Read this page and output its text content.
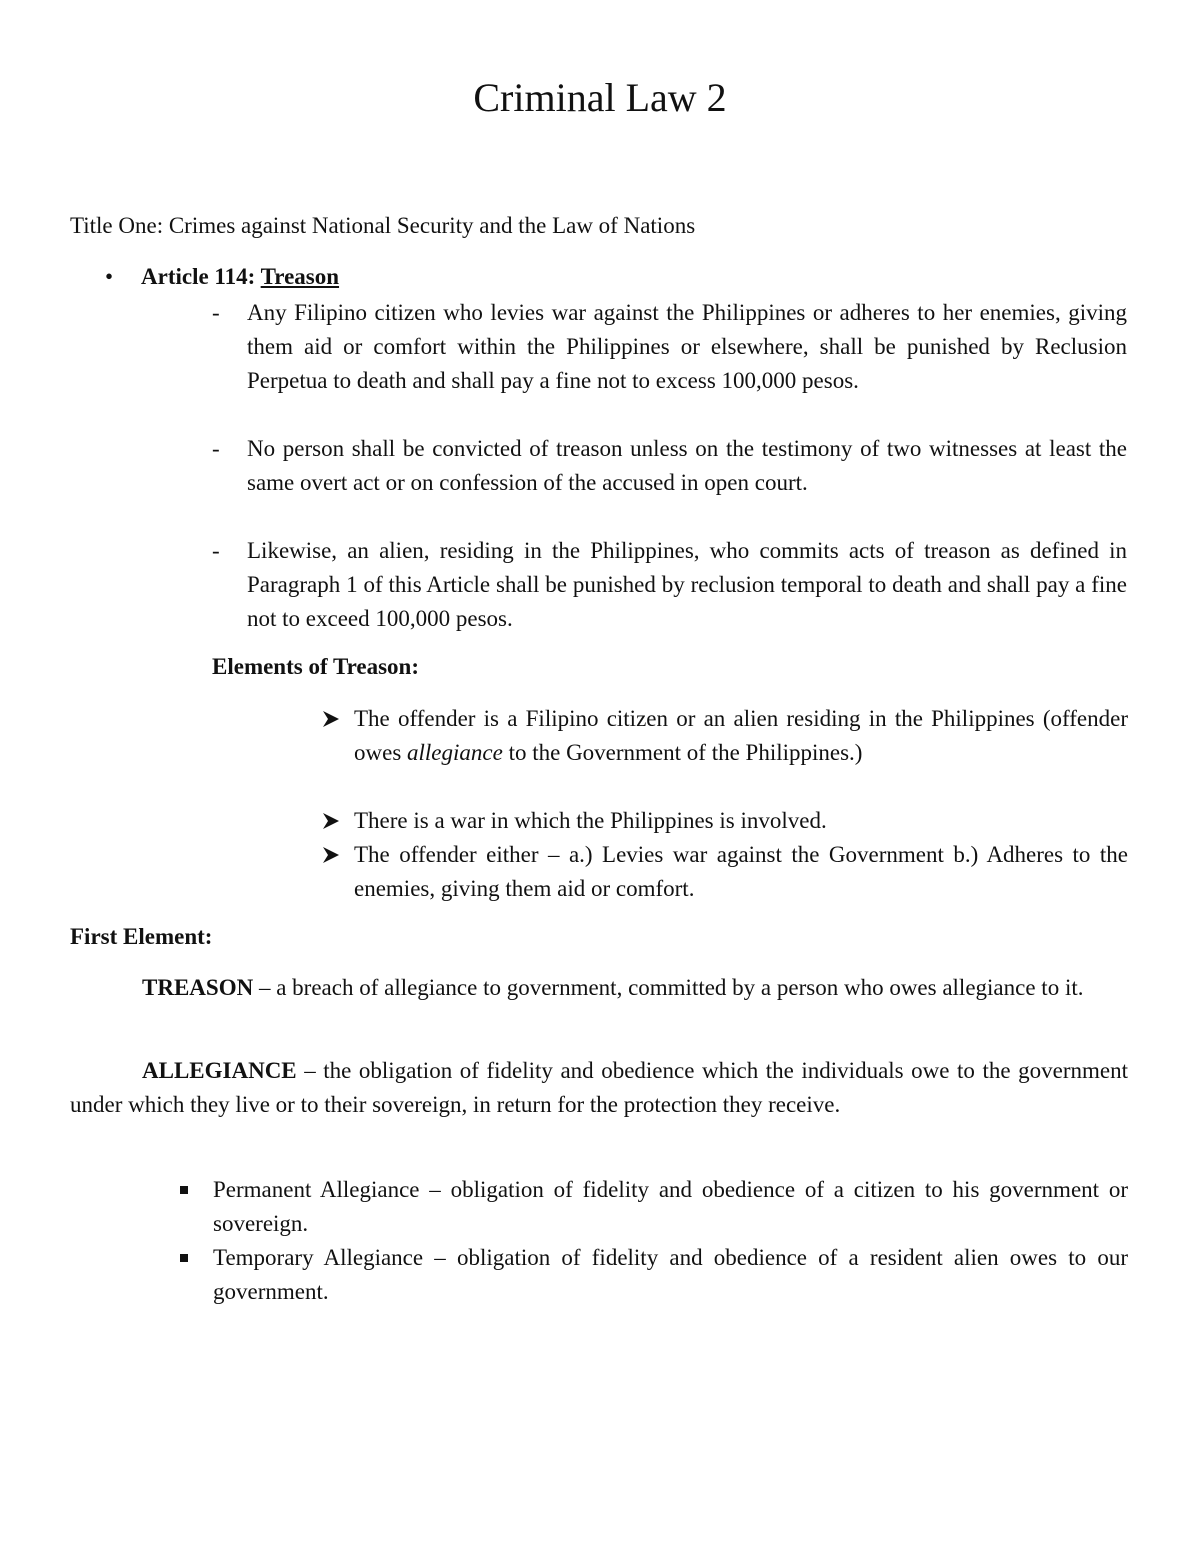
Criminal Law 2

Title One: Crimes against National Security and the Law of Nations

• Article 114: Treason
- Any Filipino citizen who levies war against the Philippines or adheres to her enemies, giving them aid or comfort within the Philippines or elsewhere, shall be punished by Reclusion Perpetua to death and shall pay a fine not to excess 100,000 pesos.
- No person shall be convicted of treason unless on the testimony of two witnesses at least the same overt act or on confession of the accused in open court.
- Likewise, an alien, residing in the Philippines, who commits acts of treason as defined in Paragraph 1 of this Article shall be punished by reclusion temporal to death and shall pay a fine not to exceed 100,000 pesos.
Elements of Treason:
The offender is a Filipino citizen or an alien residing in the Philippines (offender owes allegiance to the Government of the Philippines.)
There is a war in which the Philippines is involved.
The offender either – a.) Levies war against the Government b.) Adheres to the enemies, giving them aid or comfort.
First Element:
TREASON – a breach of allegiance to government, committed by a person who owes allegiance to it.
ALLEGIANCE – the obligation of fidelity and obedience which the individuals owe to the government under which they live or to their sovereign, in return for the protection they receive.
Permanent Allegiance – obligation of fidelity and obedience of a citizen to his government or sovereign.
Temporary Allegiance – obligation of fidelity and obedience of a resident alien owes to our government.
